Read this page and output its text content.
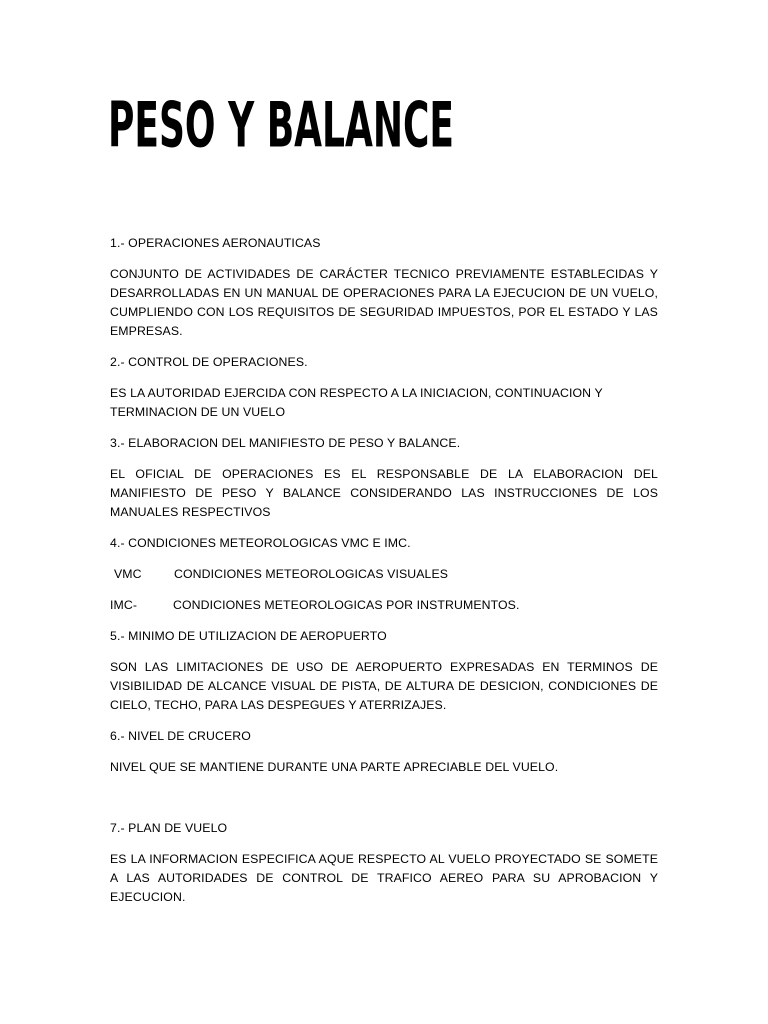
PESO Y BALANCE

1.- OPERACIONES AERONAUTICAS

CONJUNTO DE ACTIVIDADES DE CARÁCTER TECNICO PREVIAMENTE ESTABLECIDAS Y DESARROLLADAS EN UN MANUAL DE OPERACIONES PARA LA EJECUCION DE UN VUELO, CUMPLIENDO CON LOS REQUISITOS DE SEGURIDAD IMPUESTOS, POR EL ESTADO Y LAS EMPRESAS.

2.- CONTROL DE OPERACIONES.

ES LA AUTORIDAD EJERCIDA CON RESPECTO A LA INICIACION, CONTINUACION Y TERMINACION DE UN VUELO

3.- ELABORACION DEL MANIFIESTO DE PESO Y BALANCE.

EL OFICIAL DE OPERACIONES ES EL RESPONSABLE DE LA ELABORACION DEL MANIFIESTO DE PESO Y BALANCE CONSIDERANDO LAS INSTRUCCIONES DE LOS MANUALES RESPECTIVOS

4.- CONDICIONES METEOROLOGICAS VMC E IMC.

VMC	CONDICIONES METEOROLOGICAS VISUALES
IMC-	CONDICIONES METEOROLOGICAS POR INSTRUMENTOS.

5.- MINIMO DE UTILIZACION DE AEROPUERTO

SON LAS LIMITACIONES DE USO DE AEROPUERTO EXPRESADAS EN TERMINOS DE VISIBILIDAD DE ALCANCE VISUAL DE PISTA, DE ALTURA DE DESICION, CONDICIONES DE CIELO, TECHO, PARA LAS DESPEGUES Y ATERRIZAJES.

6.- NIVEL DE CRUCERO

NIVEL QUE SE MANTIENE DURANTE UNA PARTE APRECIABLE DEL VUELO.

7.- PLAN DE VUELO

ES LA INFORMACION ESPECIFICA AQUE RESPECTO AL VUELO PROYECTADO SE SOMETE A LAS AUTORIDADES DE CONTROL DE TRAFICO AEREO PARA SU APROBACION Y EJECUCION.
